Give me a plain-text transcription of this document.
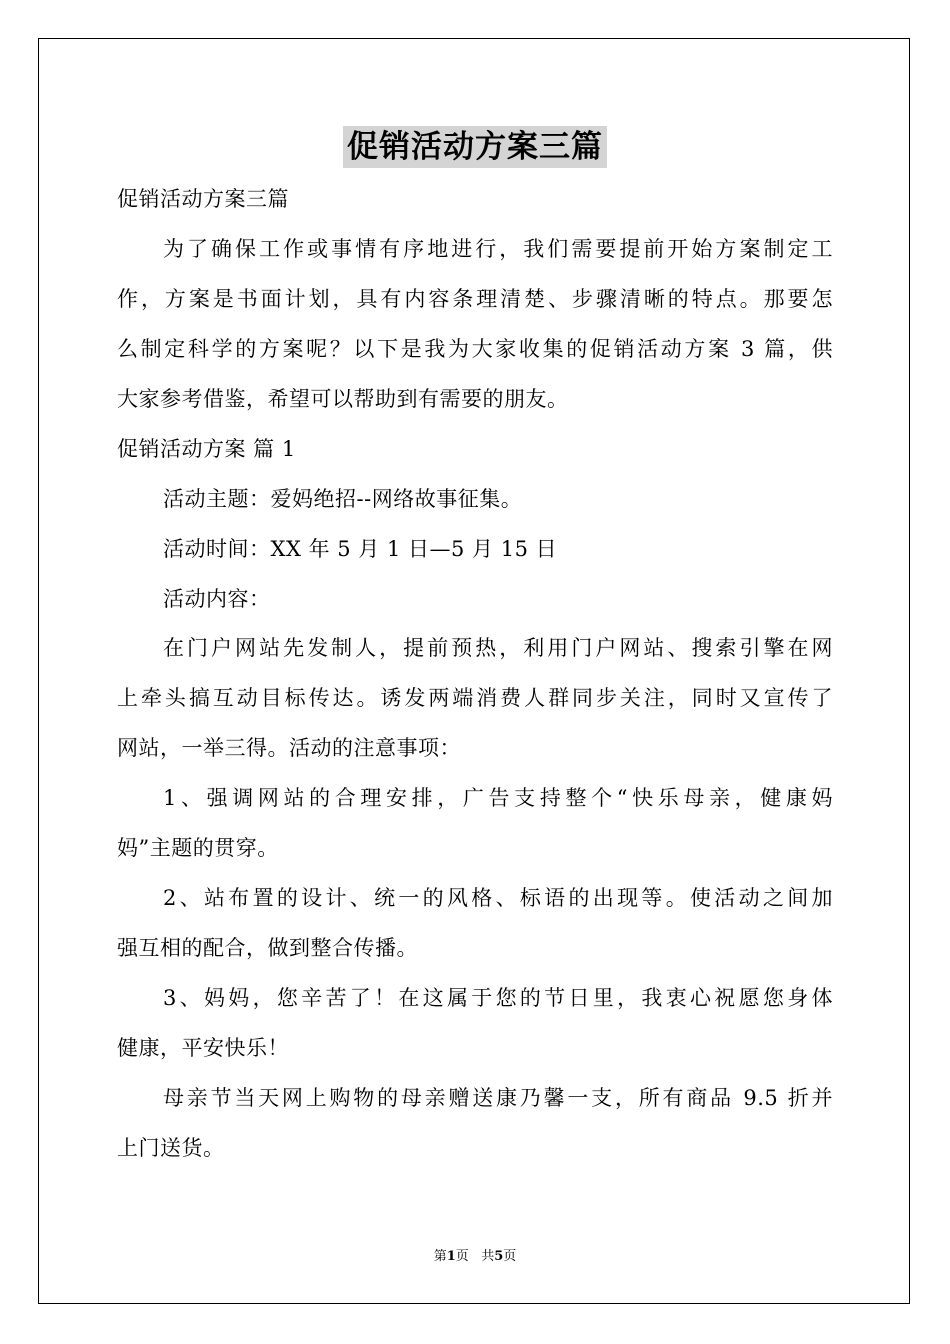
促销活动方案三篇
促销活动方案三篇
为了确保工作或事情有序地进行，我们需要提前开始方案制定工
作，方案是书面计划，具有内容条理清楚、步骤清晰的特点。那要怎
么制定科学的方案呢？以下是我为大家收集的促销活动方案 3 篇，供
大家参考借鉴，希望可以帮助到有需要的朋友。
促销活动方案 篇 1
活动主题：爱妈绝招--网络故事征集。
活动时间：XX 年 5 月 1 日—5 月 15 日
活动内容：
在门户网站先发制人，提前预热，利用门户网站、搜索引擎在网
上牵头搞互动目标传达。诱发两端消费人群同步关注，同时又宣传了
网站，一举三得。活动的注意事项：
1、强调网站的合理安排，广告支持整个“快乐母亲，健康妈
妈”主题的贯穿。
2、站布置的设计、统一的风格、标语的出现等。使活动之间加
强互相的配合，做到整合传播。
3、妈妈，您辛苦了！在这属于您的节日里，我衷心祝愿您身体
健康，平安快乐！
母亲节当天网上购物的母亲赠送康乃馨一支，所有商品 9.5 折并
上门送货。
第1页   共5页
